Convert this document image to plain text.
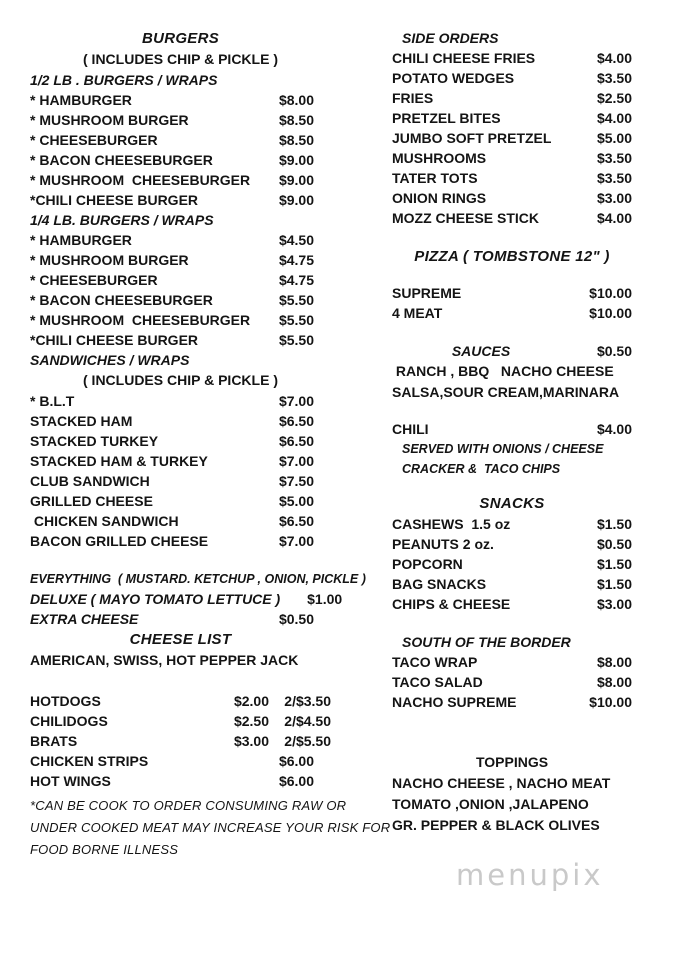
BURGERS
( INCLUDES CHIP & PICKLE )
1/2 LB . BURGERS / WRAPS
* HAMBURGER	$8.00
* MUSHROOM BURGER	$8.50
* CHEESEBURGER	$8.50
* BACON CHEESEBURGER	$9.00
* MUSHROOM  CHEESEBURGER	$9.00
*CHILI CHEESE BURGER	$9.00
1/4 LB. BURGERS / WRAPS
* HAMBURGER	$4.50
* MUSHROOM BURGER	$4.75
* CHEESEBURGER	$4.75
* BACON CHEESEBURGER	$5.50
* MUSHROOM  CHEESEBURGER	$5.50
*CHILI CHEESE BURGER	$5.50
SANDWICHES / WRAPS
( INCLUDES CHIP & PICKLE )
* B.L.T	$7.00
STACKED HAM	$6.50
STACKED TURKEY	$6.50
STACKED HAM & TURKEY	$7.00
CLUB SANDWICH	$7.50
GRILLED CHEESE	$5.00
CHICKEN SANDWICH	$6.50
BACON GRILLED CHEESE	$7.00
EVERYTHING  ( MUSTARD. KETCHUP , ONION, PICKLE )
DELUXE ( MAYO TOMATO LETTUCE )	$1.00
EXTRA CHEESE	$0.50
CHEESE LIST
AMERICAN, SWISS, HOT PEPPER JACK
HOTDOGS	$2.00	2/$3.50
CHILIDOGS	$2.50	2/$4.50
BRATS	$3.00	2/$5.50
CHICKEN STRIPS	$6.00
HOT WINGS	$6.00
*CAN BE COOK TO ORDER CONSUMING RAW OR
UNDER COOKED MEAT MAY INCREASE YOUR RISK FOR
FOOD BORNE ILLNESS
SIDE ORDERS
CHILI CHEESE FRIES	$4.00
POTATO WEDGES	$3.50
FRIES	$2.50
PRETZEL BITES	$4.00
JUMBO SOFT PRETZEL	$5.00
MUSHROOMS	$3.50
TATER TOTS	$3.50
ONION RINGS	$3.00
MOZZ CHEESE STICK	$4.00
PIZZA ( TOMBSTONE 12" )
SUPREME	$10.00
4 MEAT	$10.00
SAUCES	$0.50
RANCH , BBQ   NACHO CHEESE
SALSA,SOUR CREAM,MARINARA
CHILI	$4.00
SERVED WITH ONIONS / CHEESE
CRACKER &  TACO CHIPS
SNACKS
CASHEWS  1.5 oz	$1.50
PEANUTS 2 oz.	$0.50
POPCORN	$1.50
BAG SNACKS	$1.50
CHIPS & CHEESE	$3.00
SOUTH OF THE BORDER
TACO WRAP	$8.00
TACO SALAD	$8.00
NACHO SUPREME	$10.00
TOPPINGS
NACHO CHEESE , NACHO MEAT
TOMATO ,ONION ,JALAPENO
GR. PEPPER & BLACK OLIVES
menupix
